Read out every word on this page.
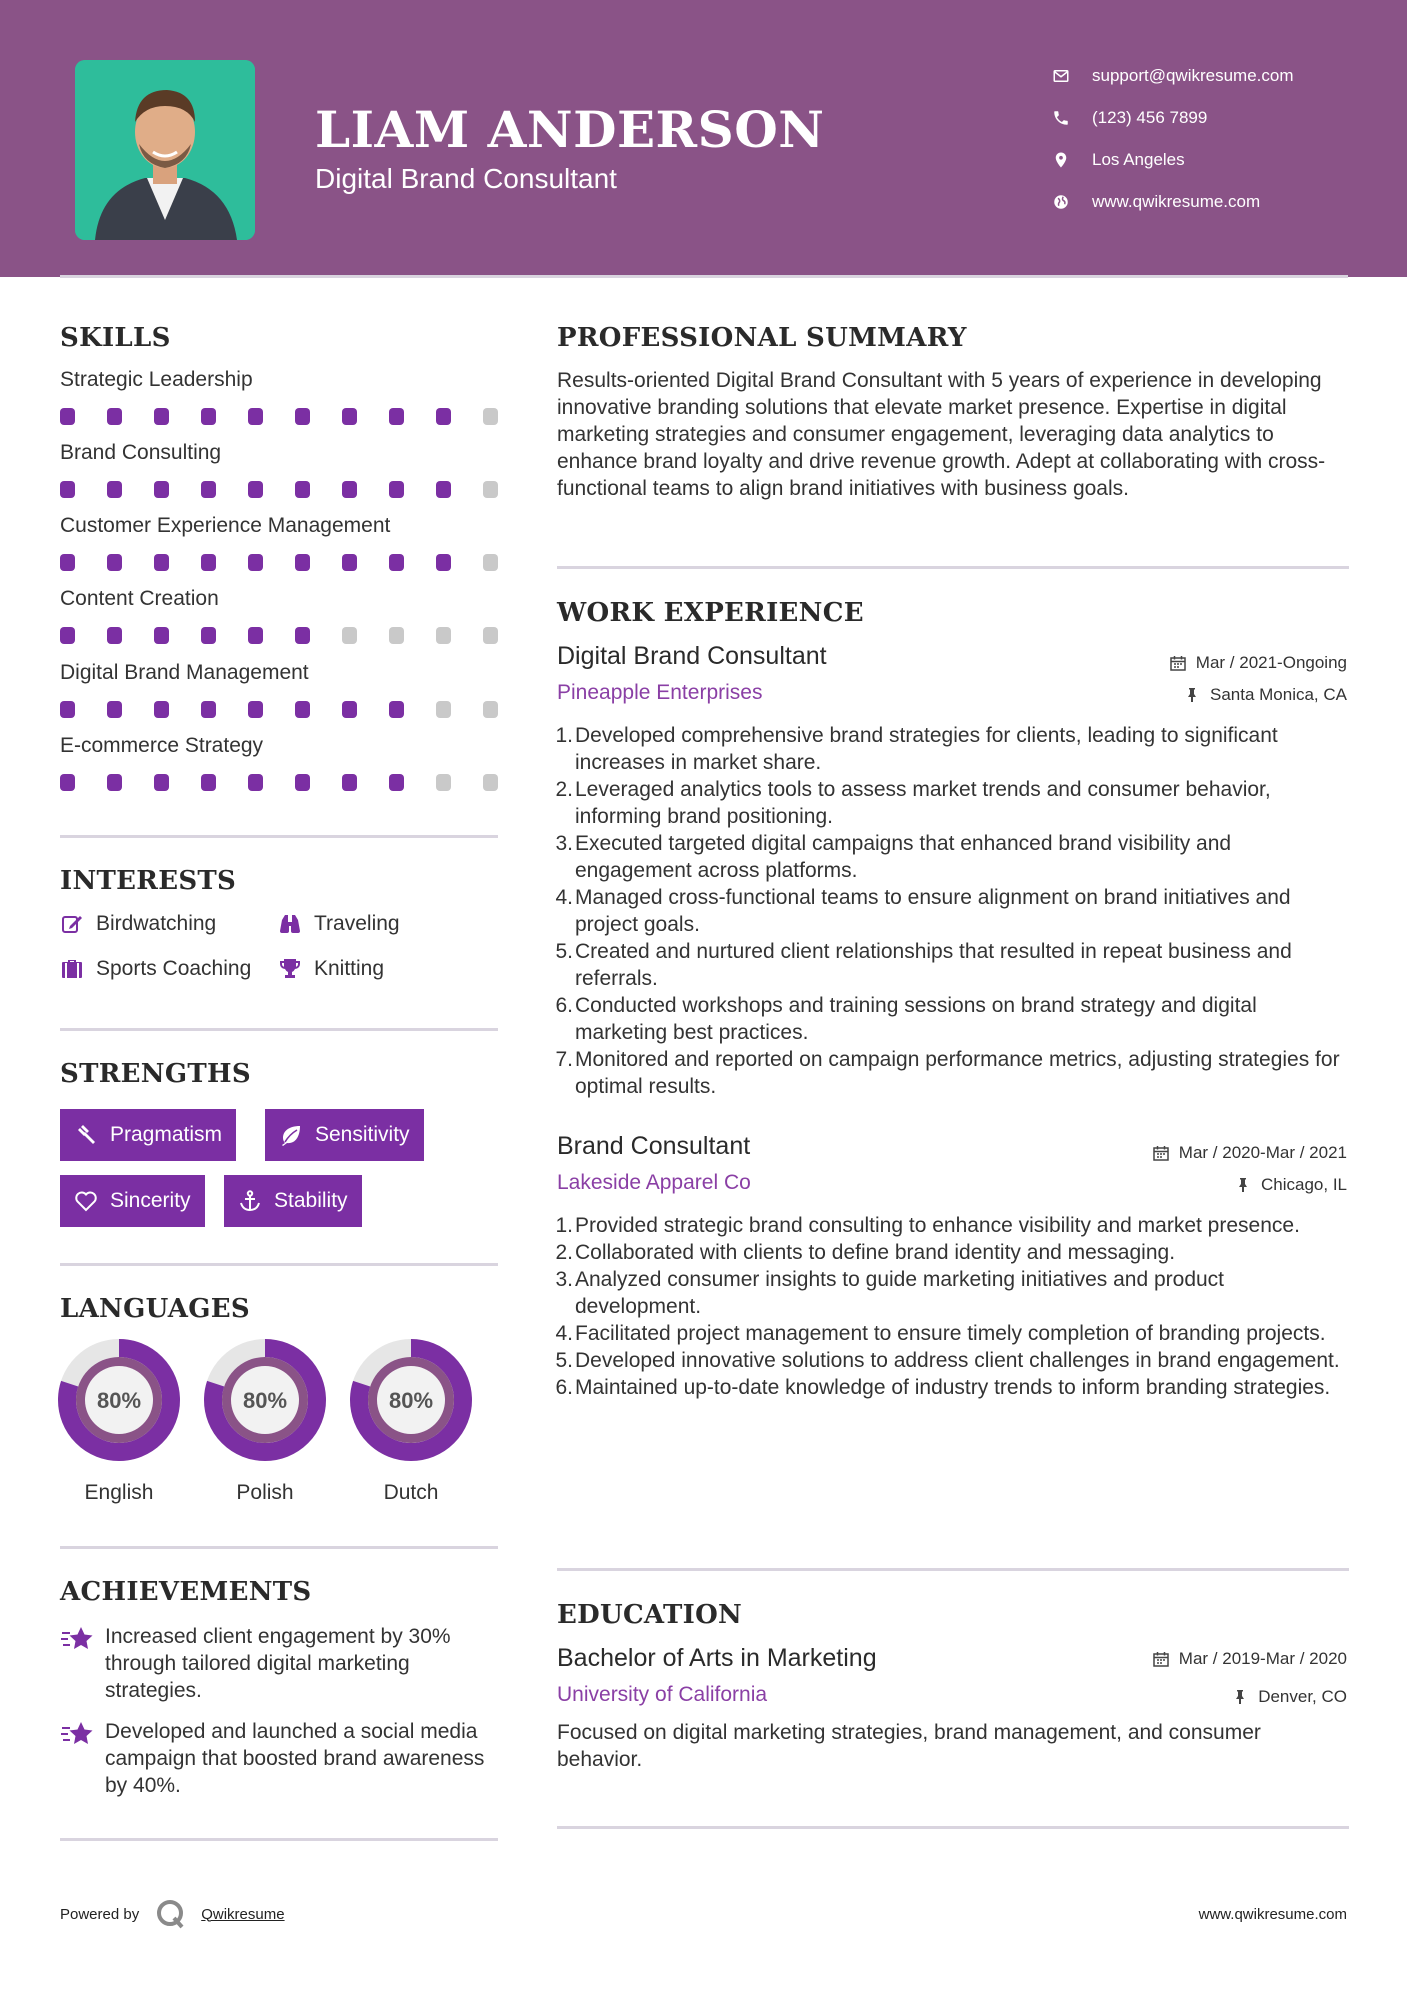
LIAM ANDERSON
Digital Brand Consultant
support@qwikresume.com
(123) 456 7899
Los Angeles
www.qwikresume.com
SKILLS
Strategic Leadership
Brand Consulting
Customer Experience Management
Content Creation
Digital Brand Management
E-commerce Strategy
INTERESTS
Birdwatching	Traveling
Sports Coaching	Knitting
STRENGTHS
Pragmatism	Sensitivity
Sincerity	Stability
LANGUAGES
80%
English
80%
Polish
80%
Dutch
ACHIEVEMENTS
Increased client engagement by 30% through tailored digital marketing strategies.
Developed and launched a social media campaign that boosted brand awareness by 40%.
PROFESSIONAL SUMMARY
Results-oriented Digital Brand Consultant with 5 years of experience in developing innovative branding solutions that elevate market presence. Expertise in digital marketing strategies and consumer engagement, leveraging data analytics to enhance brand loyalty and drive revenue growth. Adept at collaborating with cross-functional teams to align brand initiatives with business goals.
WORK EXPERIENCE
Digital Brand Consultant	Mar / 2021-Ongoing
Pineapple Enterprises	Santa Monica, CA
1. Developed comprehensive brand strategies for clients, leading to significant increases in market share.
2. Leveraged analytics tools to assess market trends and consumer behavior, informing brand positioning.
3. Executed targeted digital campaigns that enhanced brand visibility and engagement across platforms.
4. Managed cross-functional teams to ensure alignment on brand initiatives and project goals.
5. Created and nurtured client relationships that resulted in repeat business and referrals.
6. Conducted workshops and training sessions on brand strategy and digital marketing best practices.
7. Monitored and reported on campaign performance metrics, adjusting strategies for optimal results.
Brand Consultant	Mar / 2020-Mar / 2021
Lakeside Apparel Co	Chicago, IL
1. Provided strategic brand consulting to enhance visibility and market presence.
2. Collaborated with clients to define brand identity and messaging.
3. Analyzed consumer insights to guide marketing initiatives and product development.
4. Facilitated project management to ensure timely completion of branding projects.
5. Developed innovative solutions to address client challenges in brand engagement.
6. Maintained up-to-date knowledge of industry trends to inform branding strategies.
EDUCATION
Bachelor of Arts in Marketing	Mar / 2019-Mar / 2020
University of California	Denver, CO
Focused on digital marketing strategies, brand management, and consumer behavior.
Powered by	Qwikresume	www.qwikresume.com
